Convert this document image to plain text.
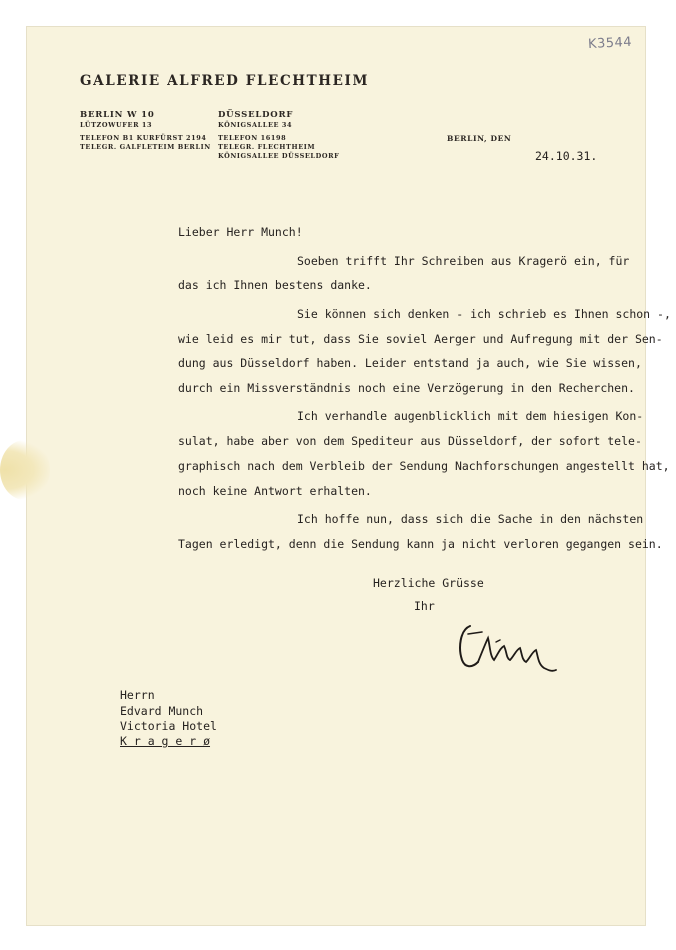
K3544
GALERIE ALFRED FLECHTHEIM
BERLIN W 10
LÜTZOWUFER 13
TELEFON B1 KURFÜRST 2194
TELEGR. GALFLETEIM BERLIN
DÜSSELDORF
KÖNIGSALLEE 34
TELEFON 16198
TELEGR. FLECHTHEIM
KÖNIGSALLEE DÜSSELDORF
BERLIN, DEN
24.10.31.
Lieber Herr Munch!
Soeben trifft Ihr Schreiben aus Kragerö ein, für
das ich Ihnen bestens danke.
Sie können sich denken - ich schrieb es Ihnen schon -,
wie leid es mir tut, dass Sie soviel Aerger und Aufregung mit der Sen-
dung aus Düsseldorf haben. Leider entstand ja auch, wie Sie wissen,
durch ein Missverständnis noch eine Verzögerung in den Recherchen.
Ich verhandle augenblicklich mit dem hiesigen Kon-
sulat, habe aber von dem Spediteur aus Düsseldorf, der sofort tele-
graphisch nach dem Verbleib der Sendung Nachforschungen angestellt hat,
noch keine Antwort erhalten.
Ich hoffe nun, dass sich die Sache in den nächsten
Tagen erledigt, denn die Sendung kann ja nicht verloren gegangen sein.
Herzliche Grüsse
Ihr
Herrn
Edvard Munch
Victoria Hotel
K r a g e r ø
